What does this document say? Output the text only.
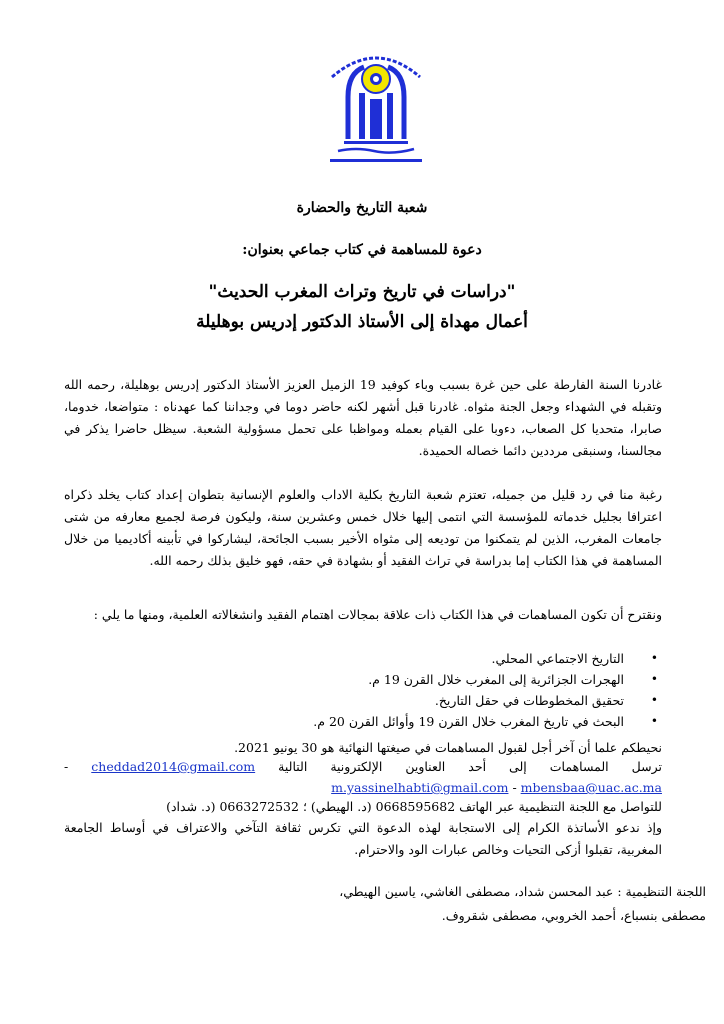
شعبة التاريخ والحضارة
دعوة للمساهمة في كتاب جماعي بعنوان:
"دراسات في تاريخ وتراث المغرب الحديث"
أعمال مهداة إلى الأستاذ الدكتور إدريس بوهليلة
غادرنا السنة الفارطة على حين غرة بسبب وباء كوفيد 19 الزميل العزيز الأستاذ الدكتور إدريس بوهليلة، رحمه الله وتقبله في الشهداء وجعل الجنة مثواه. غادرنا قبل أشهر لكنه حاضر دوما في وجداننا كما عهدناه : متواضعا، خدوما، صابرا، متحديا كل الصعاب، دءوبا على القيام بعمله ومواظبا على تحمل مسؤولية الشعبة. سيظل حاضرا يذكر في مجالسنا، وسنبقى مرددين دائما خصاله الحميدة.
رغبة منا في رد قليل من جميله، تعتزم شعبة التاريخ بكلية الاداب والعلوم الإنسانية بتطوان إعداد كتاب يخلد ذكراه اعترافا بجليل خدماته للمؤسسة التي انتمى إليها خلال خمس وعشرين سنة، وليكون فرصة لجميع معارفه من شتى جامعات المغرب، الذين لم يتمكنوا من توديعه إلى مثواه الأخير بسبب الجائحة، ليشاركوا في تأبينه أكاديميا من خلال المساهمة في هذا الكتاب إما بدراسة في تراث الفقيد أو بشهادة في حقه، فهو خليق بذلك رحمه الله.
ونقترح أن تكون المساهمات في هذا الكتاب ذات علاقة بمجالات اهتمام الفقيد وانشغالاته العلمية، ومنها ما يلي :
•
التاريخ الاجتماعي المحلي.
•
الهجرات الجزائرية إلى المغرب خلال القرن 19 م.
•
تحقيق المخطوطات في حقل التاريخ.
•
البحث في تاريخ المغرب خلال القرن 19 وأوائل القرن 20 م.
نحيطكم علما أن آخر أجل لقبول المساهمات في صيغتها النهائية هو 30 يونيو 2021.
ترسل المساهمات إلى أحد العناوين الإلكترونية التالية cheddad2014@gmail.com -
m.yassinelhabti@gmail.com - mbensbaa@uac.ac.ma
للتواصل مع اللجنة التنظيمية عبر الهاتف 0668595682 (د. الهيطي) ؛ 0663272532 (د. شداد)
وإذ ندعو الأساتذة الكرام إلى الاستجابة لهذه الدعوة التي تكرس ثقافة التآخي والاعتراف في أوساط الجامعة المغربية، تقبلوا أزكى التحيات وخالص عبارات الود والاحترام.
اللجنة التنظيمية : عبد المحسن شداد، مصطفى الغاشي، ياسين الهيطي،
مصطفى بنسباع، أحمد الخروبي، مصطفى شقروف.
